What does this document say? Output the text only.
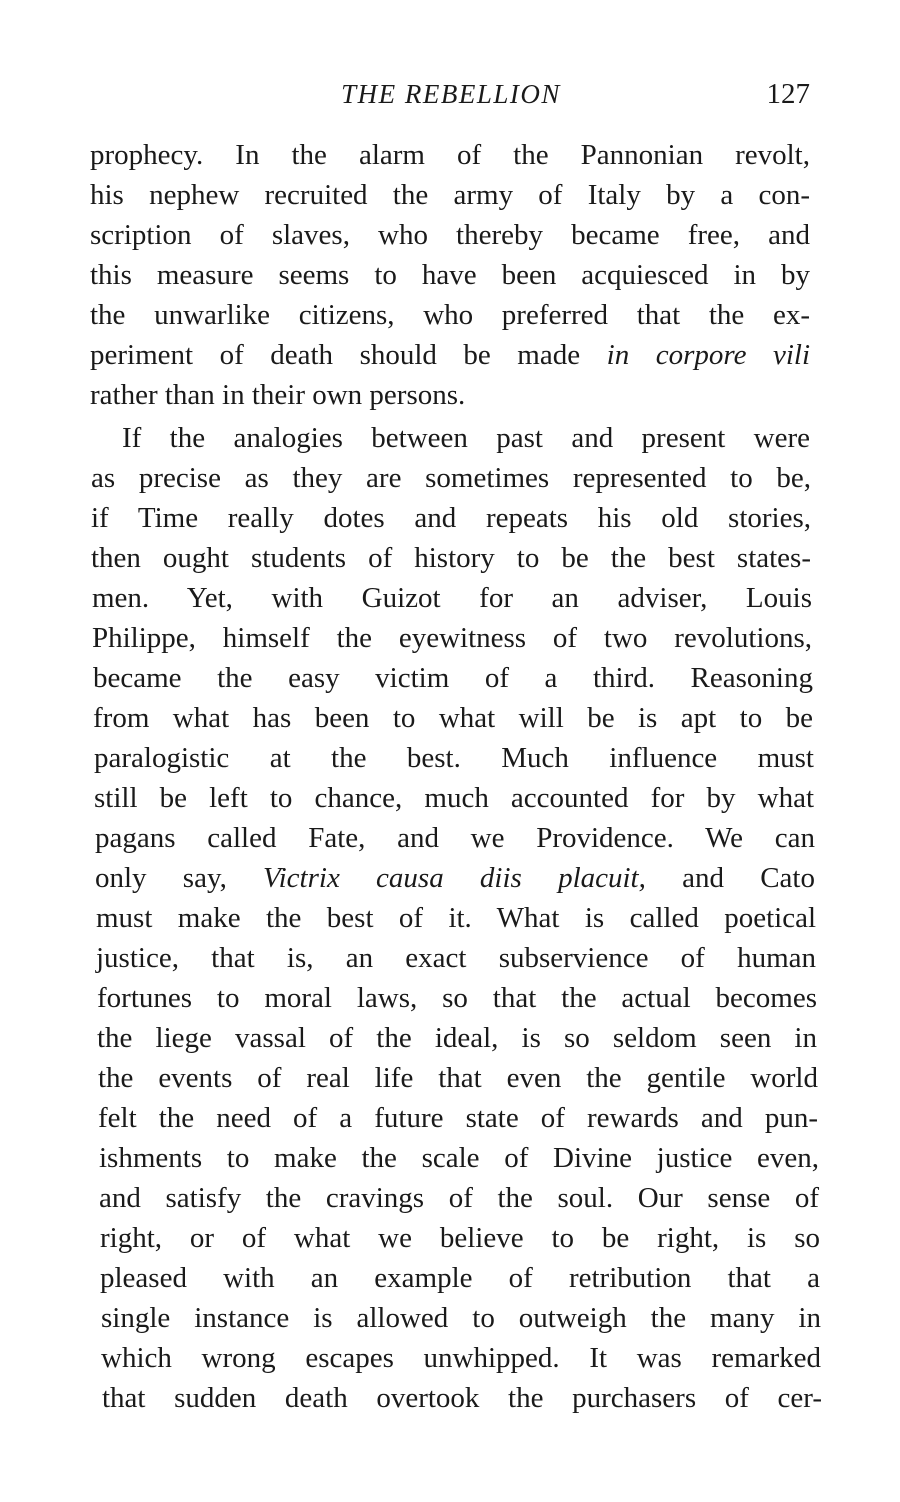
THE REBELLION	127
prophecy. In the alarm of the Pannonian revolt,
his nephew recruited the army of Italy by a con-
scription of slaves, who thereby became free, and
this measure seems to have been acquiesced in by
the unwarlike citizens, who preferred that the ex-
periment of death should be made in corpore vili
rather than in their own persons.
If the analogies between past and present were
as precise as they are sometimes represented to be,
if Time really dotes and repeats his old stories,
then ought students of history to be the best states-
men. Yet, with Guizot for an adviser, Louis
Philippe, himself the eyewitness of two revolutions,
became the easy victim of a third. Reasoning
from what has been to what will be is apt to be
paralogistic at the best. Much influence must
still be left to chance, much accounted for by what
pagans called Fate, and we Providence. We can
only say, Victrix causa diis placuit, and Cato
must make the best of it. What is called poetical
justice, that is, an exact subservience of human
fortunes to moral laws, so that the actual becomes
the liege vassal of the ideal, is so seldom seen in
the events of real life that even the gentile world
felt the need of a future state of rewards and pun-
ishments to make the scale of Divine justice even,
and satisfy the cravings of the soul. Our sense of
right, or of what we believe to be right, is so
pleased with an example of retribution that a
single instance is allowed to outweigh the many in
which wrong escapes unwhipped. It was remarked
that sudden death overtook the purchasers of cer-
